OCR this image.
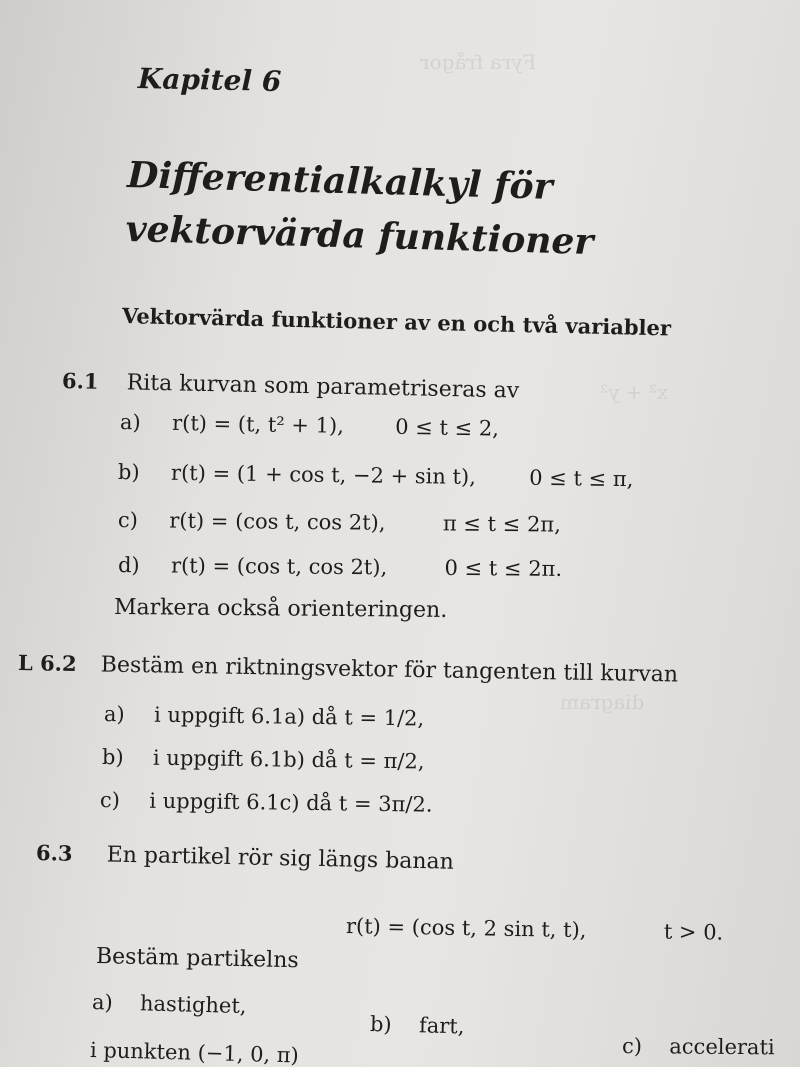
Fyra frågor
x² + y²
diagram
Kapitel 6
Differentialkalkyl för vektorvärda funktioner
Vektorvärda funktioner av en och två variabler
6.1 Rita kurvan som parametriseras av
a) r(t) = (t, t² + 1), 0 ≤ t ≤ 2,
b) r(t) = (1 + cos t, −2 + sin t),	0 ≤ t ≤ π,
c) r(t) = (cos t, cos 2t),	π ≤ t ≤ 2π,
d) r(t) = (cos t, cos 2t),	0 ≤ t ≤ 2π.
Markera också orienteringen.
L 6.2 Bestäm en riktningsvektor för tangenten till kurvan
a) i uppgift 6.1a) då t = 1/2,
b) i uppgift 6.1b) då t = π/2,
c) i uppgift 6.1c) då t = 3π/2.
6.3 En partikel rör sig längs banan
r(t) = (cos t, 2 sin t, t),	t > 0.
Bestäm partikelns
a) hastighet,
b) fart,
c) accelerati
i punkten (−1, 0, π)
